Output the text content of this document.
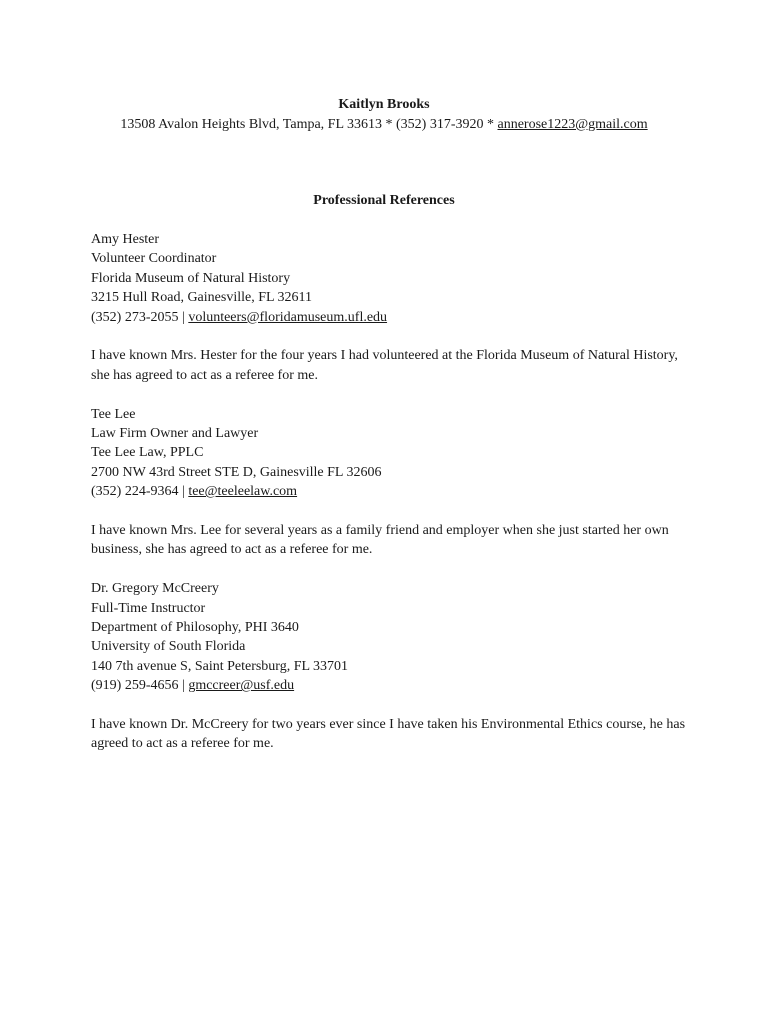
Kaitlyn Brooks
13508 Avalon Heights Blvd, Tampa, FL 33613 * (352) 317-3920 * annerose1223@gmail.com
Professional References
Amy Hester
Volunteer Coordinator
Florida Museum of Natural History
3215 Hull Road, Gainesville, FL 32611
(352) 273-2055 | volunteers@floridamuseum.ufl.edu

I have known Mrs. Hester for the four years I had volunteered at the Florida Museum of Natural History, she has agreed to act as a referee for me.

Tee Lee
Law Firm Owner and Lawyer
Tee Lee Law, PPLC
2700 NW 43rd Street STE D, Gainesville FL 32606
(352) 224-9364 | tee@teeleelaw.com

I have known Mrs. Lee for several years as a family friend and employer when she just started her own business, she has agreed to act as a referee for me.

Dr. Gregory McCreery
Full-Time Instructor
Department of Philosophy, PHI 3640
University of South Florida
140 7th avenue S, Saint Petersburg, FL 33701
(919) 259-4656 | gmccreer@usf.edu

I have known Dr. McCreery for two years ever since I have taken his Environmental Ethics course, he has agreed to act as a referee for me.
